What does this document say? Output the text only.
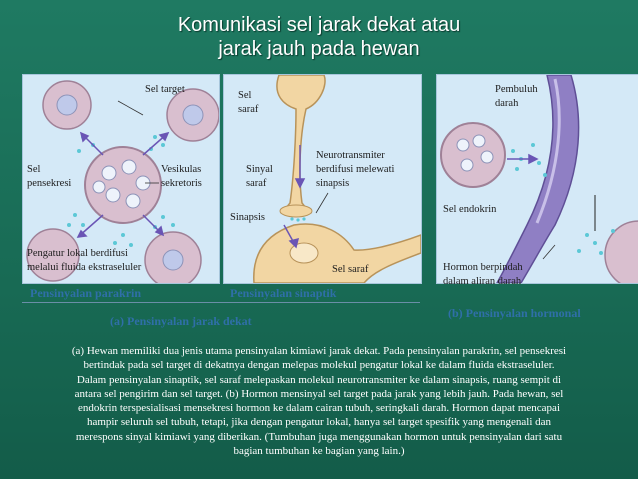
Komunikasi sel jarak dekat atau
jarak jauh pada hewan
Sel target
Sel
pensekresi
Vesikulas
sekretoris
Pengatur lokal berdifusi
melalui fluida ekstraseluler
Sel
saraf
Sinyal
saraf
Neurotransmiter
berdifusi melewati
sinapsis
Sinapsis
Sel saraf
Pembuluh
darah
Sel endokrin
Hormon berpindah
dalam aliran darah
Pensinyalan parakrin	Pensinyalan sinaptik
(b) Pensinyalan hormonal
(a) Pensinyalan jarak dekat
(a) Hewan memiliki dua jenis utama pensinyalan kimiawi jarak dekat. Pada pensinyalan parakrin, sel pensekresi
bertindak pada sel target di dekatnya dengan melepas molekul pengatur lokal ke dalam fluida ekstraseluler.
Dalam pensinyalan sinaptik, sel saraf melepaskan molekul neurotransmiter ke dalam sinapsis, ruang sempit di
antara sel pengirim dan sel target. (b) Hormon mensinyal sel target pada jarak yang lebih jauh. Pada hewan, sel
endokrin terspesialisasi mensekresi hormon ke dalam cairan tubuh, seringkali darah. Hormon dapat mencapai
hampir seluruh sel tubuh, tetapi, jika dengan pengatur lokal, hanya sel target spesifik yang mengenali dan
merespons sinyal kimiawi yang diberikan. (Tumbuhan juga menggunakan hormon untuk pensinyalan dari satu
bagian tumbuhan ke bagian yang lain.)
